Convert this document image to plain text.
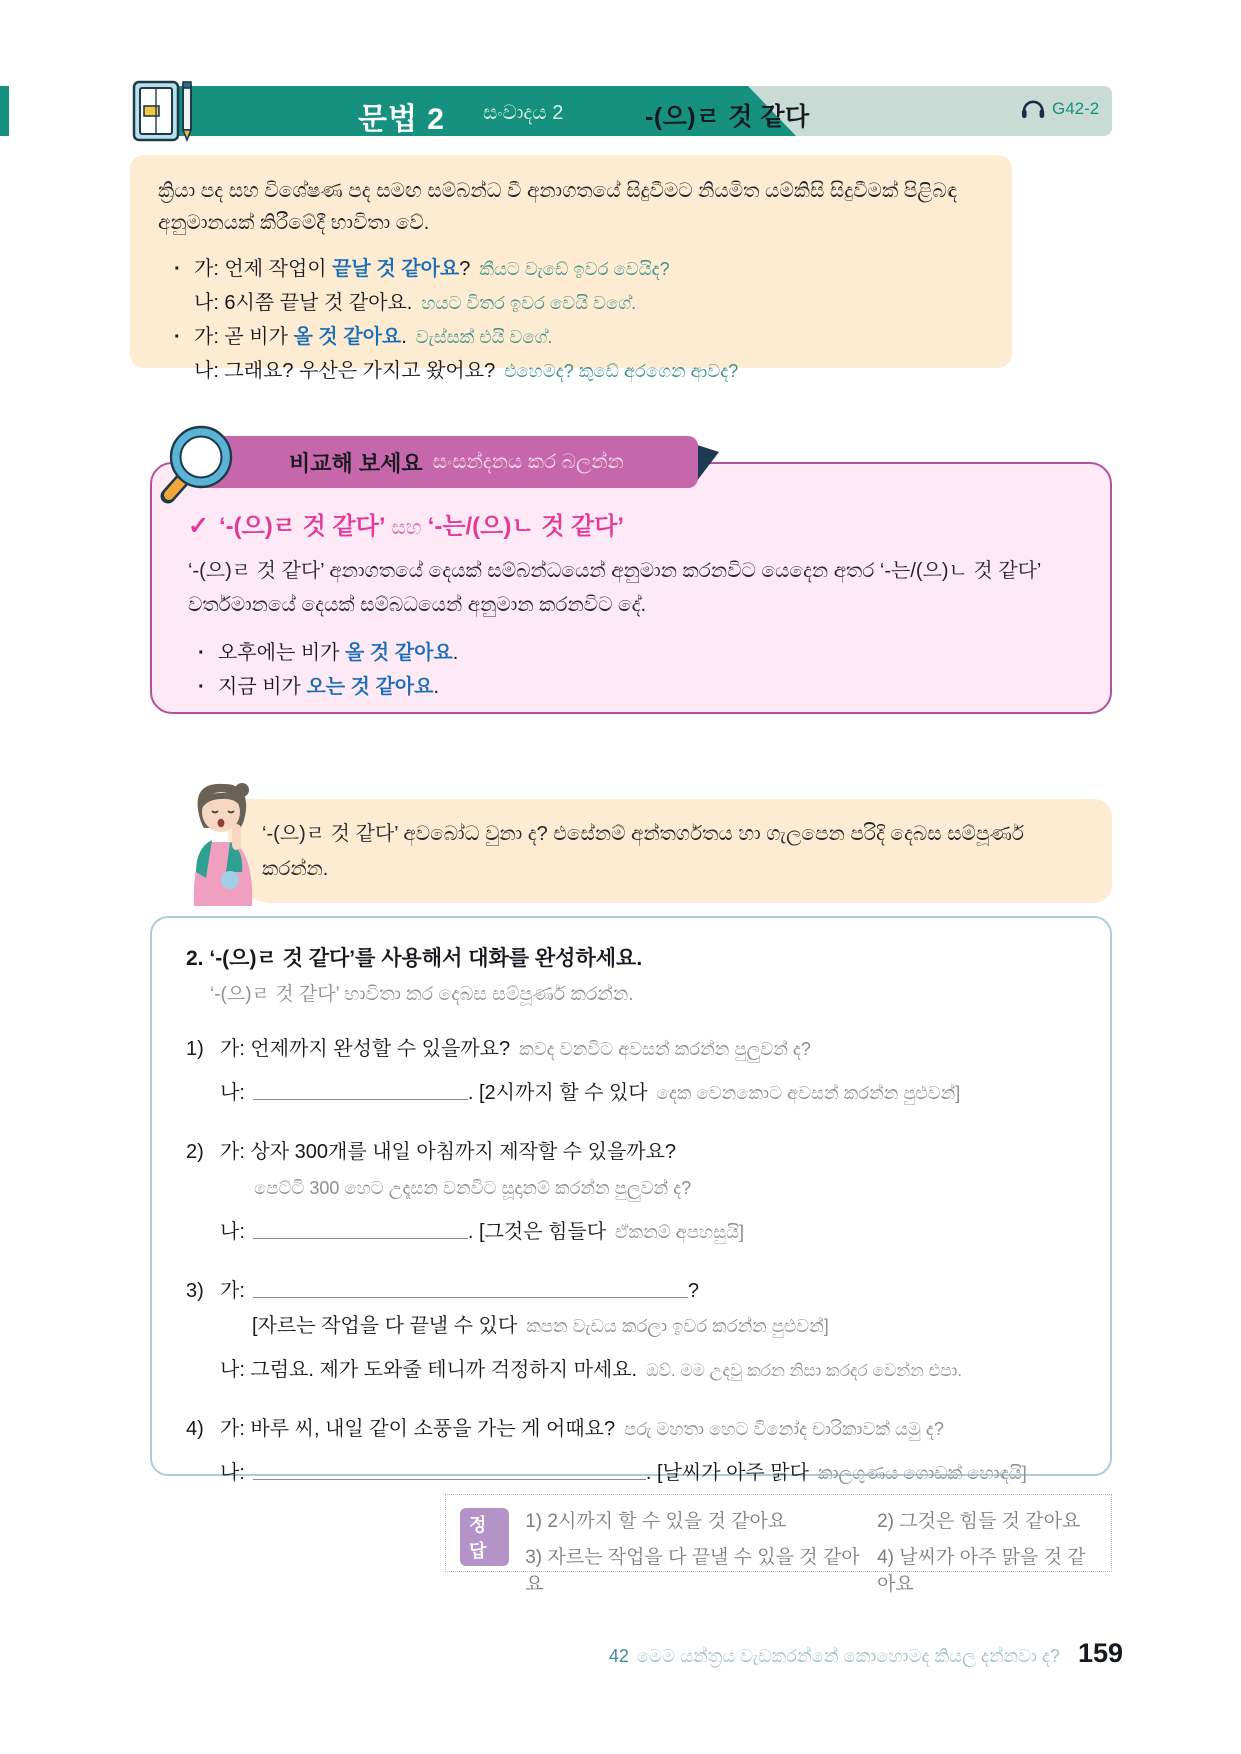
문법 2 සංවාදය 2	-(으)ㄹ 것 같다	G42-2
ක්‍රියා පද සහ විශේෂණ පද සමඟ සම්බන්ධ වී අනාගතයේ සිදුවීමට නියමිත යම්කිසි සිදුවීමක් පිළිබඳ අනුමානයක් කිරීමේදී භාවිතා වේ.
· 가: 언제 작업이 끝날 것 같아요? කීයට වැඩේ ඉවර වෙයිද?
나: 6시쯤 끝날 것 같아요. හයට විතර ඉවර වෙයි වගේ.
· 가: 곧 비가 올 것 같아요. වැස්සක් එයි වගේ.
나: 그래요? 우산은 가지고 왔어요? එහෙමද? කුඩේ අරගෙන ආවද?
✓ ‘-(으)ㄹ 것 같다’ සහ ‘-는/(으)ㄴ 것 같다’
‘-(으)ㄹ 것 같다’ අනාගතයේ දෙයක් සම්බන්ධයෙන් අනුමාන කරනවිට යෙදෙන අතර ‘-는/(으)ㄴ 것 같다’ වර්තමානයේ දෙයක් සම්බධයෙන් අනුමාන කරනවිට දේ.
· 오후에는 비가 올 것 같아요.
· 지금 비가 오는 것 같아요.
비교해 보세요 සංසන්දනය කර බලන්න
‘-(으)ㄹ 것 같다’ අවබෝධ වුනා ද? එසේනම් අන්තර්ගතය හා ගැලපෙන පරිදි දෙබස සම්පූර්ණ කරන්න.
2. ‘-(으)ㄹ 것 같다’를 사용해서 대화를 완성하세요.
‘-(으)ㄹ 것 같다’ භාවිතා කර දෙබස සම්පූර්ණ කරන්න.
1) 가: 언제까지 완성할 수 있을까요? කවද වනවිට අවසන් කරන්න පුලුවන් ද?
나:	. [2시까지 할 수 있다 දෙක වෙනකොට අවසන් කරන්න පුළුවන්]
2) 가: 상자 300개를 내일 아침까지 제작할 수 있을까요?
පෙට්ටි 300 හෙට උදෑසන වනවිට සූදානම් කරන්න පුලුවන් ද?
나:	. [그것은 힘들다 ඒකනම් අපහසුයි]
3) 가:	?
[자르는 작업을 다 끝낼 수 있다 කපන වැඩය කරලා ඉවර කරන්න පුළුවන්]
나: 그럼요. 제가 도와줄 테니까 걱정하지 마세요. ඔව්. මම උදවු කරන නිසා කරදර වෙන්න එපා.
4) 가: 바루 씨, 내일 같이 소풍을 가는 게 어때요? පරු මහතා හෙට විනෝද චාරිකාවක් යමු ද?
나:	. [날씨가 아주 맑다 කාලගුණය ගොඩක් හොඳයි]
정답
1) 2시까지 할 수 있을 것 같아요	2) 그것은 힘들 것 같아요
3) 자르는 작업을 다 끝낼 수 있을 것 같아요
4) 날씨가 아주 맑을 것 같아요
42 මෙම යන්ත්‍රය වැඩකරන්නේ කොහොමද කියල දන්නවා ද? 159
